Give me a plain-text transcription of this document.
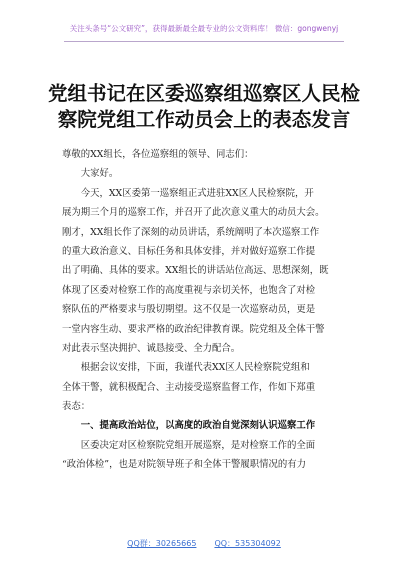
关注头条号“公文研究”，获得最新最全最专业的公文资料库！ 微信：gongwenyj
党组书记在区委巡察组巡察区人民检
察院党组工作动员会上的表态发言
尊敬的XX组长，各位巡察组的领导、同志们：
　　大家好。
　　今天，XX区委第一巡察组正式进驻XX区人民检察院，开
展为期三个月的巡察工作，并召开了此次意义重大的动员大会。
刚才，XX组长作了深刻的动员讲话，系统阐明了本次巡察工作
的重大政治意义、目标任务和具体安排，并对做好巡察工作提
出了明确、具体的要求。XX组长的讲话站位高远、思想深刻，既
体现了区委对检察工作的高度重视与亲切关怀，也饱含了对检
察队伍的严格要求与殷切期望。这不仅是一次巡察动员，更是
一堂内容生动、要求严格的政治纪律教育课。院党组及全体干警
对此表示坚决拥护、诚恳接受、全力配合。
　　根据会议安排，下面，我谨代表XX区人民检察院党组和
全体干警，就积极配合、主动接受巡察监督工作，作如下郑重
表态：
　　一、提高政治站位，以高度的政治自觉深刻认识巡察工作
　　区委决定对区检察院党组开展巡察，是对检察工作的全面
“政治体检”，也是对院领导班子和全体干警履职情况的有力
QQ群：30265665 QQ：535304092
